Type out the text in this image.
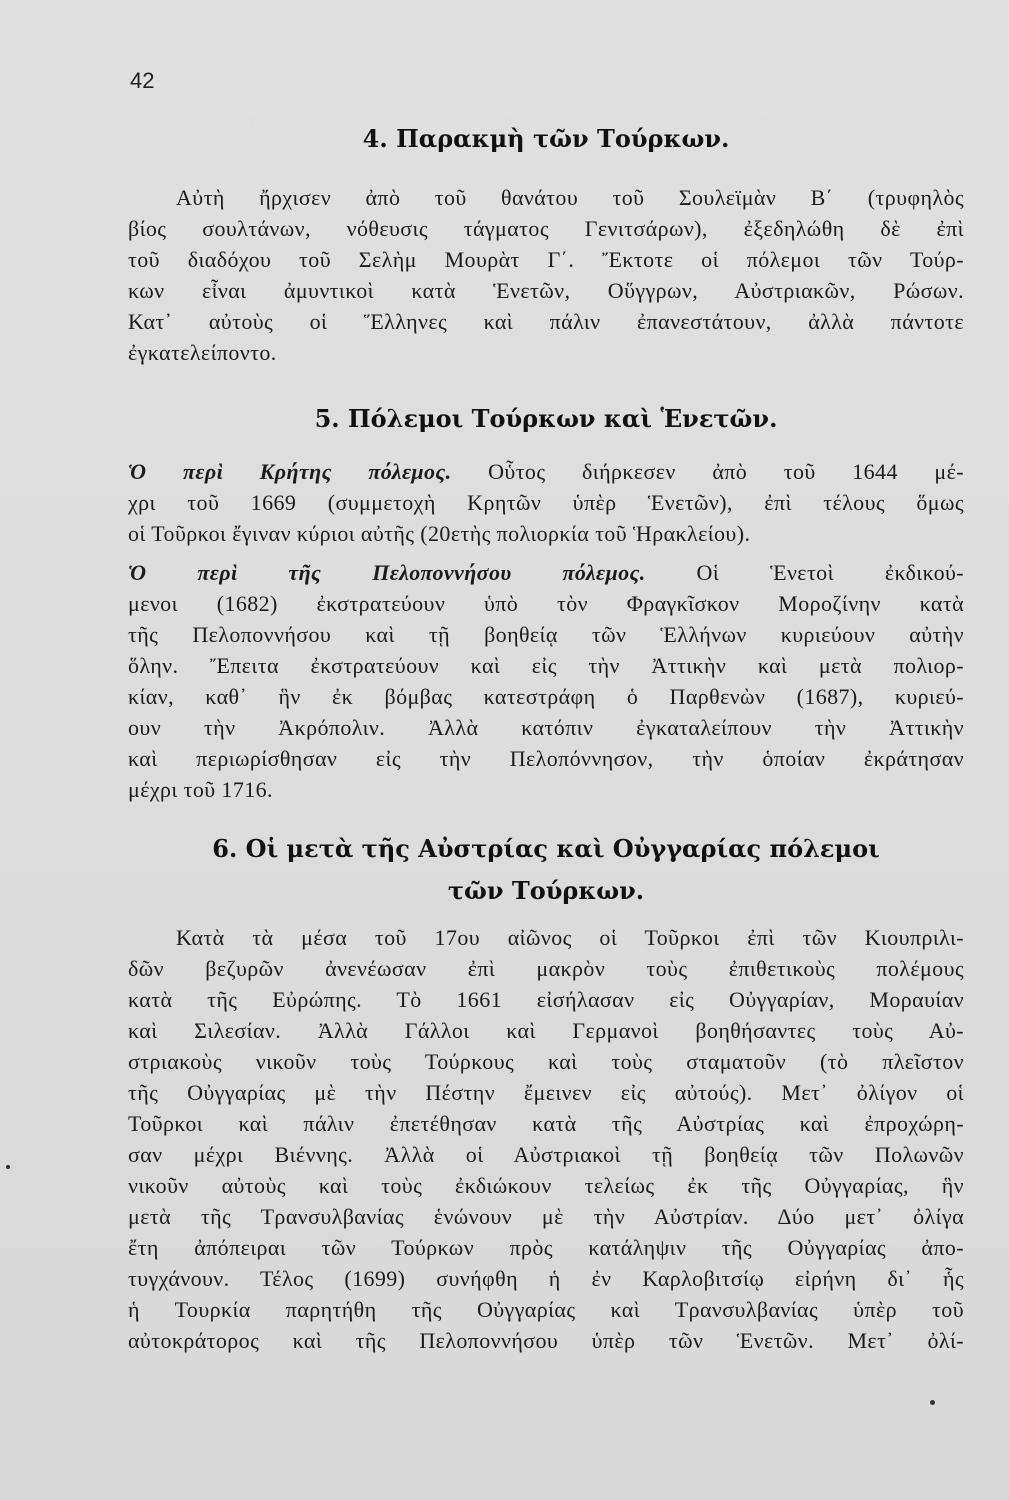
42
4. Παρακμὴ τῶν Τούρκων.
Αὐτὴ ἤρχισεν ἀπὸ τοῦ θανάτου τοῦ Σουλεϊμὰν Β΄ (τρυφηλὸς
βίος σουλτάνων, νόθευσις τάγματος Γενιτσάρων), ἐξεδηλώθη δὲ ἐπὶ
τοῦ διαδόχου τοῦ Σελὴμ Μουρὰτ Γ΄. Ἔκτοτε οἱ πόλεμοι τῶν Τούρ-
κων εἶναι ἀμυντικοὶ κατὰ Ἑνετῶν, Οὕγγρων, Αὐστριακῶν, Ρώσων.
Κατ᾽ αὐτοὺς οἱ Ἕλληνες καὶ πάλιν ἐπανεστάτουν, ἀλλὰ πάντοτε
ἐγκατελείποντο.
5. Πόλεμοι Τούρκων καὶ Ἑνετῶν.
Ὁ περὶ Κρήτης πόλεμος. Οὗτος διήρκεσεν ἀπὸ τοῦ 1644 μέ-
χρι τοῦ 1669 (συμμετοχὴ Κρητῶν ὑπὲρ Ἑνετῶν), ἐπὶ τέλους ὅμως
οἱ Τοῦρκοι ἔγιναν κύριοι αὐτῆς (20ετὴς πολιορκία τοῦ Ἡρακλείου).
Ὁ περὶ τῆς Πελοποννήσου πόλεμος. Οἱ Ἑνετοὶ ἐκδικού-
μενοι (1682) ἐκστρατεύουν ὑπὸ τὸν Φραγκῖσκον Μοροζίνην κατὰ
τῆς Πελοποννήσου καὶ τῇ βοηθείᾳ τῶν Ἑλλήνων κυριεύουν αὐτὴν
ὅλην. Ἔπειτα ἐκστρατεύουν καὶ εἰς τὴν Ἀττικὴν καὶ μετὰ πολιορ-
κίαν, καθ᾽ ἣν ἐκ βόμβας κατεστράφη ὁ Παρθενὼν (1687), κυριεύ-
ουν τὴν Ἀκρόπολιν. Ἀλλὰ κατόπιν ἐγκαταλείπουν τὴν Ἀττικὴν
καὶ περιωρίσθησαν εἰς τὴν Πελοπόννησον, τὴν ὁποίαν ἐκράτησαν
μέχρι τοῦ 1716.
6. Οἱ μετὰ τῆς Αὐστρίας καὶ Οὐγγαρίας πόλεμοι
τῶν Τούρκων.
Κατὰ τὰ μέσα τοῦ 17ου αἰῶνος οἱ Τοῦρκοι ἐπὶ τῶν Κιουπριλι-
δῶν βεζυρῶν ἀνενέωσαν ἐπὶ μακρὸν τοὺς ἐπιθετικοὺς πολέμους
κατὰ τῆς Εὐρώπης. Τὸ 1661 εἰσήλασαν εἰς Οὐγγαρίαν, Μοραυίαν
καὶ Σιλεσίαν. Ἀλλὰ Γάλλοι καὶ Γερμανοὶ βοηθήσαντες τοὺς Αὐ-
στριακοὺς νικοῦν τοὺς Τούρκους καὶ τοὺς σταματοῦν (τὸ πλεῖστον
τῆς Οὐγγαρίας μὲ τὴν Πέστην ἔμεινεν εἰς αὐτούς). Μετ᾽ ὀλίγον οἱ
Τοῦρκοι καὶ πάλιν ἐπετέθησαν κατὰ τῆς Αὐστρίας καὶ ἐπροχώρη-
σαν μέχρι Βιέννης. Ἀλλὰ οἱ Αὐστριακοὶ τῇ βοηθείᾳ τῶν Πολωνῶν
νικοῦν αὐτοὺς καὶ τοὺς ἐκδιώκουν τελείως ἐκ τῆς Οὐγγαρίας, ἣν
μετὰ τῆς Τρανσυλβανίας ἑνώνουν μὲ τὴν Αὐστρίαν. Δύο μετ᾽ ὀλίγα
ἔτη ἀπόπειραι τῶν Τούρκων πρὸς κατάληψιν τῆς Οὐγγαρίας ἀπο-
τυγχάνουν. Τέλος (1699) συνήφθη ἡ ἐν Καρλοβιτσίῳ εἰρήνη δι᾽ ἧς
ἡ Τουρκία παρητήθη τῆς Οὐγγαρίας καὶ Τρανσυλβανίας ὑπὲρ τοῦ
αὐτοκράτορος καὶ τῆς Πελοποννήσου ὑπὲρ τῶν Ἑνετῶν. Μετ᾽ ὀλί-
